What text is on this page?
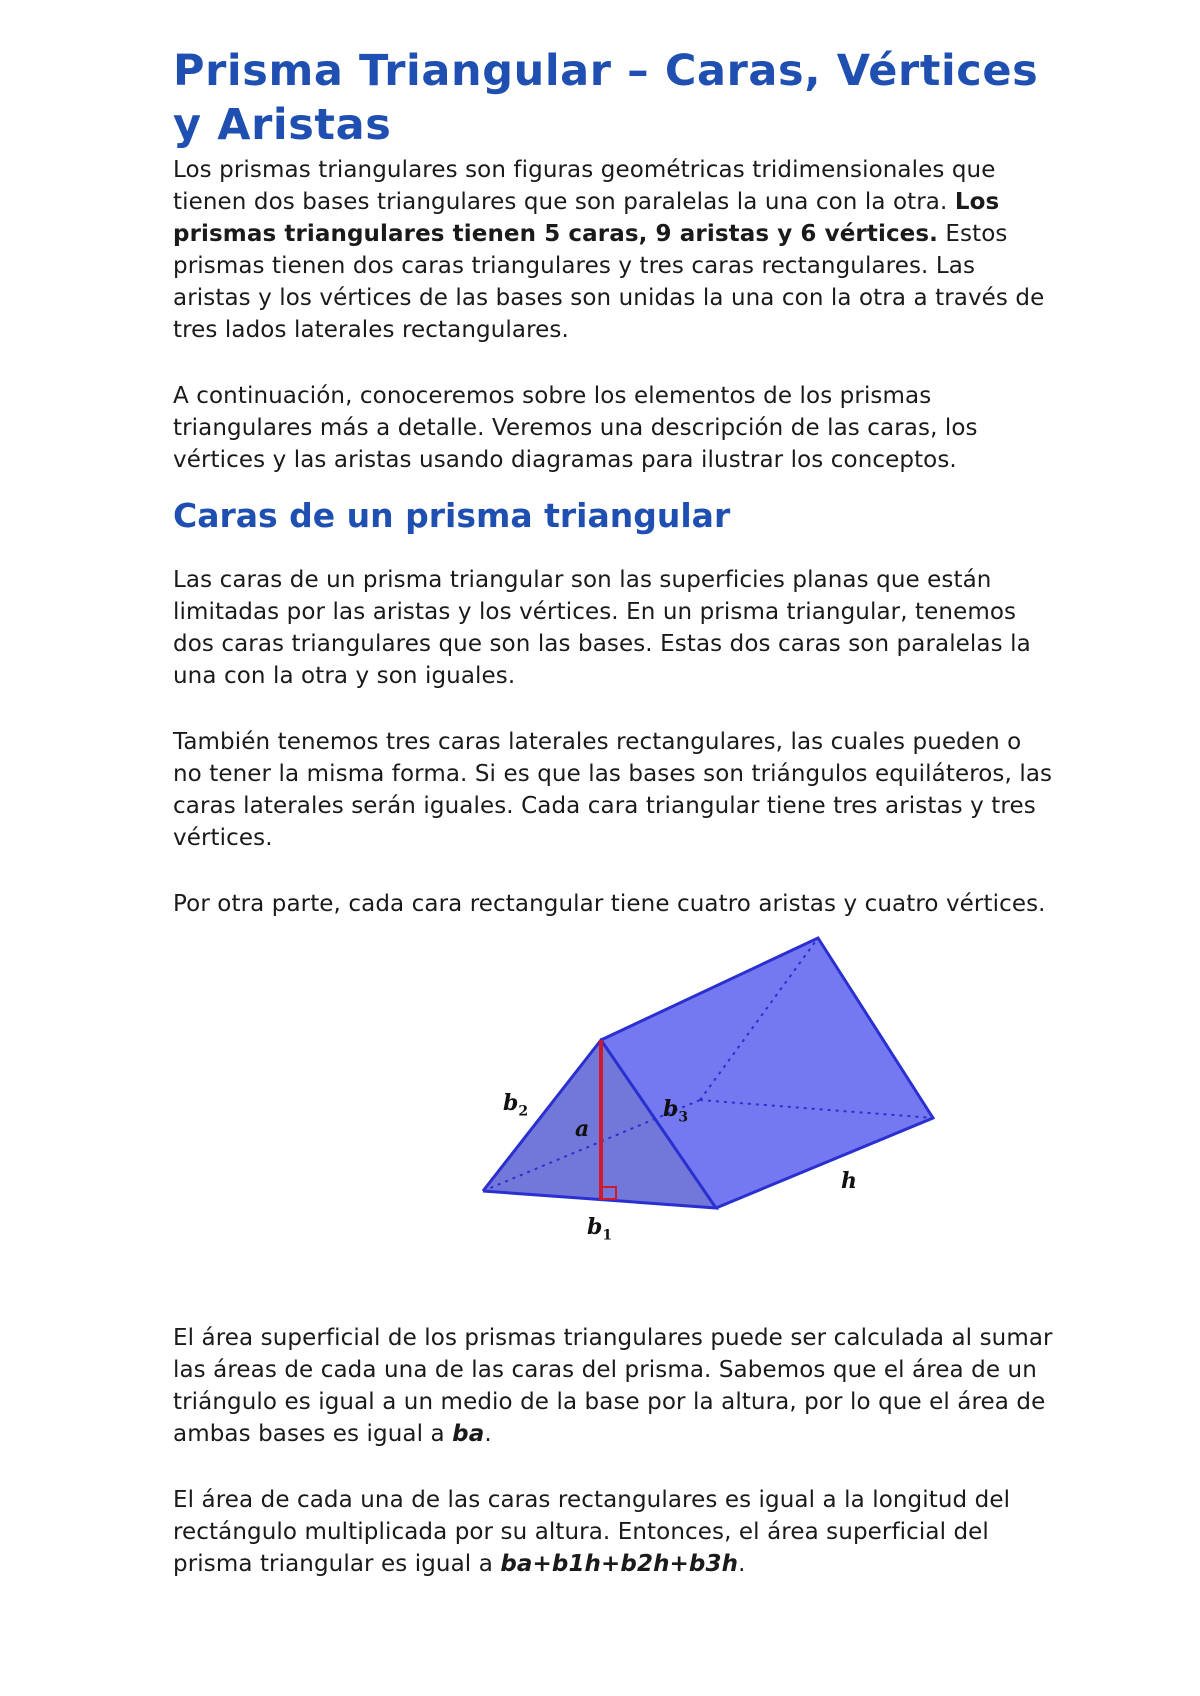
Prisma Triangular – Caras, Vértices y Aristas

Los prismas triangulares son figuras geométricas tridimensionales que tienen dos bases triangulares que son paralelas la una con la otra. Los prismas triangulares tienen 5 caras, 9 aristas y 6 vértices. Estos prismas tienen dos caras triangulares y tres caras rectangulares. Las aristas y los vértices de las bases son unidas la una con la otra a través de tres lados laterales rectangulares.

A continuación, conoceremos sobre los elementos de los prismas triangulares más a detalle. Veremos una descripción de las caras, los vértices y las aristas usando diagramas para ilustrar los conceptos.

Caras de un prisma triangular

Las caras de un prisma triangular son las superficies planas que están limitadas por las aristas y los vértices. En un prisma triangular, tenemos dos caras triangulares que son las bases. Estas dos caras son paralelas la una con la otra y son iguales.

También tenemos tres caras laterales rectangulares, las cuales pueden o no tener la misma forma. Si es que las bases son triángulos equiláteros, las caras laterales serán iguales. Cada cara triangular tiene tres aristas y tres vértices.

Por otra parte, cada cara rectangular tiene cuatro aristas y cuatro vértices.

$b_2$
a
$b_3$
h
$b_1$

El área superficial de los prismas triangulares puede ser calculada al sumar las áreas de cada una de las caras del prisma. Sabemos que el área de un triángulo es igual a un medio de la base por la altura, por lo que el área de ambas bases es igual a ba.

El área de cada una de las caras rectangulares es igual a la longitud del rectángulo multiplicada por su altura. Entonces, el área superficial del prisma triangular es igual a ba+b1h+b2h+b3h.
